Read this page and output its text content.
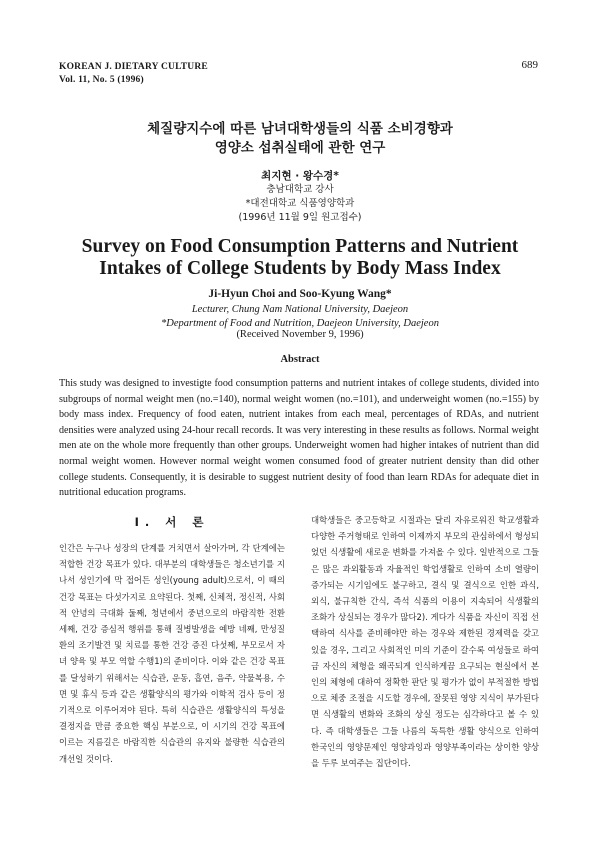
KOREAN J. DIETARY CULTURE
Vol. 11, No. 5 (1996)
689
체질량지수에 따른 남녀대학생들의 식품 소비경향과
영양소 섭취실태에 관한 연구
최지현 · 왕수경*
충남대학교 강사
*대전대학교 식품영양학과
(1996년 11월 9일 원고접수)
Survey on Food Consumption Patterns and Nutrient
Intakes of College Students by Body Mass Index
Ji-Hyun Choi and Soo-Kyung Wang*
Lecturer, Chung Nam National University, Daejeon
*Department of Food and Nutrition, Daejeon University, Daejeon
(Received November 9, 1996)
Abstract
This study was designed to investigte food consumption patterns and nutrient intakes of college students, divided into subgroups of normal weight men (no.=140), normal weight women (no.=101), and underweight women (no.=155) by body mass index. Frequency of food eaten, nutrient intakes from each meal, percentages of RDAs, and nutrient densities were analyzed using 24-hour recall records. It was very interesting in these results as follows. Normal weight men ate on the whole more frequently than other groups. Underweight women had higher intakes of nutrient than did normal weight women. However normal weight women consumed food of greater nutrient density than did other college students. Consequently, it is desirable to suggest nutrient desity of food than learn RDAs for adequate diet in nutritional education programs.
I. 서 론
인간은 누구나 성장의 단계를 거치면서 살아가며, 각 단계에는 적합한 건강 목표가 있다. 대부분의 대학생들은 청소년기를 지나서 성인기에 막 접어든 성인(young adult)으로서, 이 때의 건강 목표는 다섯가지로 요약된다. 첫째, 신체적, 정신적, 사회적 안녕의 극대화 둘째, 청년에서 중년으로의 바람직한 전환 세째, 건강 증심적 행위를 통해 질병발생을 예방 네째, 만성질환의 조기발견 및 치료를 통한 건강 증진 다섯째, 부모로서 자녀 양육 및 부모 역할 수행1)의 준비이다. 이와 같은 건강 목표를 달성하기 위해서는 식습관, 운동, 흡연, 음주, 약물복용, 수면 및 휴식 등과 같은 생활양식의 평가와 이학적 검사 등이 정기적으로 이루어져야 된다. 특히 식습관은 생활양식의 특성을 결정지을 만큼 중요한 핵심 부분으로, 이 시기의 건강 목표에 이르는 지름길은 바람직한 식습관의 유지와 불량한 식습관의 개선일 것이다.
대학생들은 중고등학교 시절과는 달리 자유로워진 학교생활과 다양한 주거형태로 인하여 이제까지 부모의 관심하에서 형성되었던 식생활에 새로운 변화를 가져올 수 있다. 일반적으로 그들은 많은 과외활동과 자율적인 학업생활로 인하여 소비 열량이 증가되는 시기임에도 불구하고, 결식 및 결식으로 인한 과식, 외식, 불규칙한 간식, 즉석 식품의 이용이 지속되어 식생활의 조화가 상실되는 경우가 많다2). 게다가 식품을 자신이 직접 선택하여 식사를 준비해야만 하는 경우와 제한된 경제력을 갖고 있을 경우, 그리고 사회적인 미의 기준이 갈수록 여성들로 하여금 자신의 체형을 왜곡되게 인식하게끔 요구되는 현실에서 본인의 체형에 대하여 정확한 판단 및 평가가 없이 부적절한 방법으로 체중 조절을 시도할 경우에, 잘못된 영양 지식이 부가된다면 식생활의 변화와 조화의 상실 정도는 심각하다고 볼 수 있다. 즉 대학생들은 그들 나름의 독특한 생활 양식으로 인하여 한국인의 영양문제인 영양과잉과 영양부족이라는 상이한 양상을 두루 보여주는 집단이다.
